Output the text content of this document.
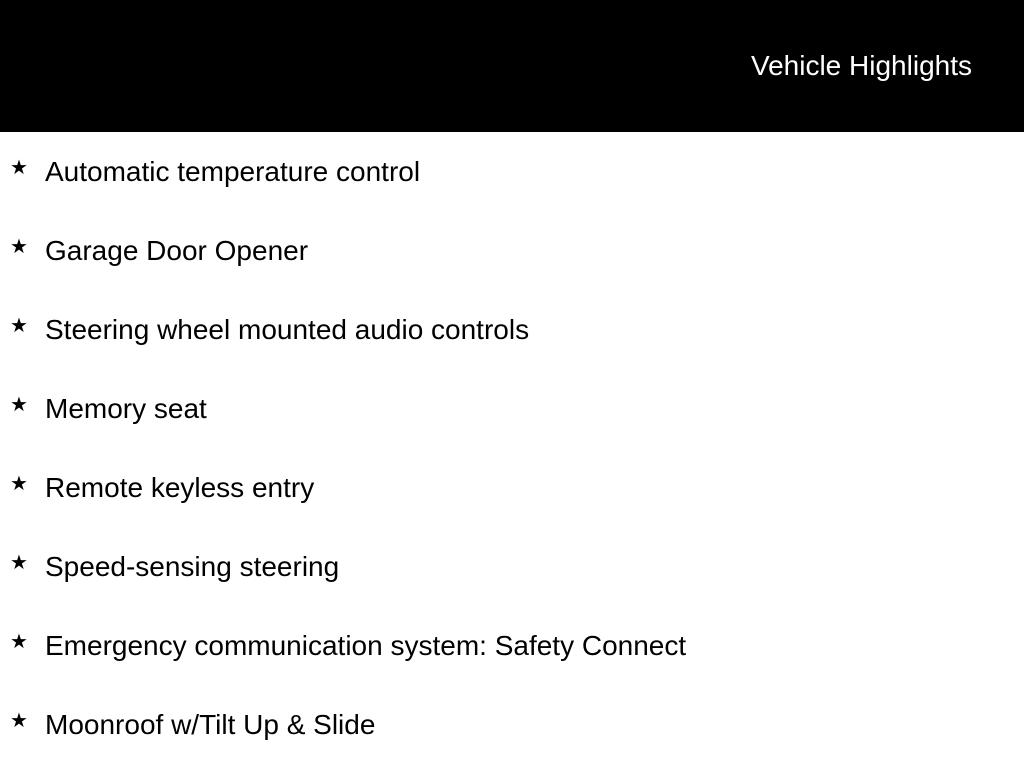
Vehicle Highlights
★ Automatic temperature control
★ Garage Door Opener
★ Steering wheel mounted audio controls
★ Memory seat
★ Remote keyless entry
★ Speed-sensing steering
★ Emergency communication system: Safety Connect
★ Moonroof w/Tilt Up & Slide
